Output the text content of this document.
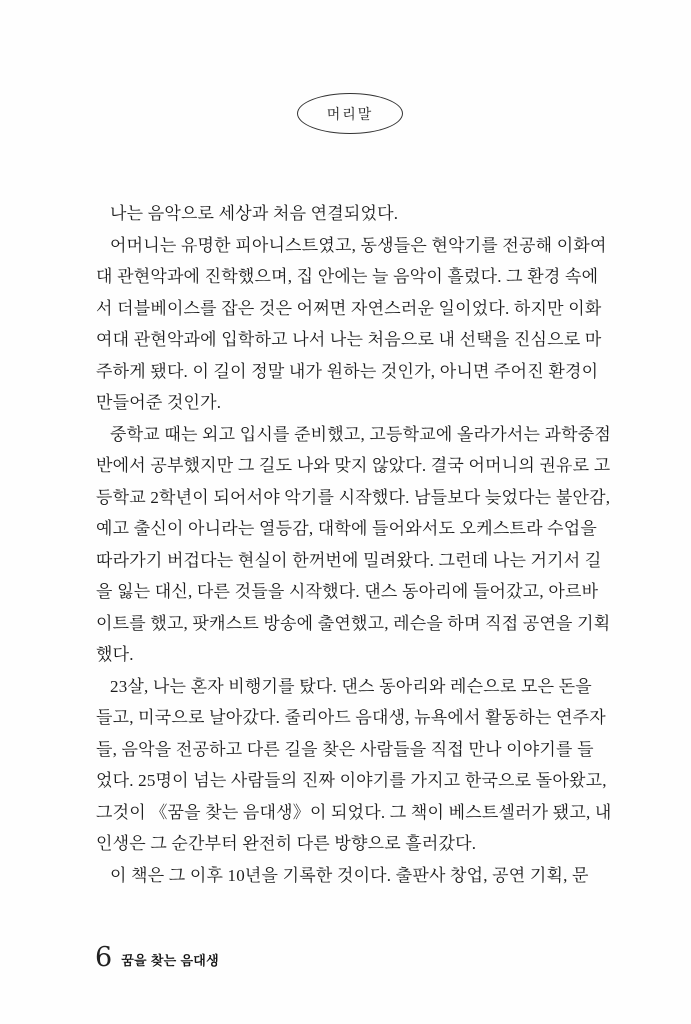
머리말
나는 음악으로 세상과 처음 연결되었다.
어머니는 유명한 피아니스트였고, 동생들은 현악기를 전공해 이화여
대 관현악과에 진학했으며, 집 안에는 늘 음악이 흘렀다. 그 환경 속에
서 더블베이스를 잡은 것은 어쩌면 자연스러운 일이었다. 하지만 이화
여대 관현악과에 입학하고 나서 나는 처음으로 내 선택을 진심으로 마
주하게 됐다. 이 길이 정말 내가 원하는 것인가, 아니면 주어진 환경이
만들어준 것인가.
중학교 때는 외고 입시를 준비했고, 고등학교에 올라가서는 과학중점
반에서 공부했지만 그 길도 나와 맞지 않았다. 결국 어머니의 권유로 고
등학교 2학년이 되어서야 악기를 시작했다. 남들보다 늦었다는 불안감,
예고 출신이 아니라는 열등감, 대학에 들어와서도 오케스트라 수업을
따라가기 버겁다는 현실이 한꺼번에 밀려왔다. 그런데 나는 거기서 길
을 잃는 대신, 다른 것들을 시작했다. 댄스 동아리에 들어갔고, 아르바
이트를 했고, 팟캐스트 방송에 출연했고, 레슨을 하며 직접 공연을 기획
했다.
23살, 나는 혼자 비행기를 탔다. 댄스 동아리와 레슨으로 모은 돈을
들고, 미국으로 날아갔다. 줄리아드 음대생, 뉴욕에서 활동하는 연주자
들, 음악을 전공하고 다른 길을 찾은 사람들을 직접 만나 이야기를 들
었다. 25명이 넘는 사람들의 진짜 이야기를 가지고 한국으로 돌아왔고,
그것이 《꿈을 찾는 음대생》이 되었다. 그 책이 베스트셀러가 됐고, 내
인생은 그 순간부터 완전히 다른 방향으로 흘러갔다.
이 책은 그 이후 10년을 기록한 것이다. 출판사 창업, 공연 기획, 문
6 꿈을 찾는 음대생
